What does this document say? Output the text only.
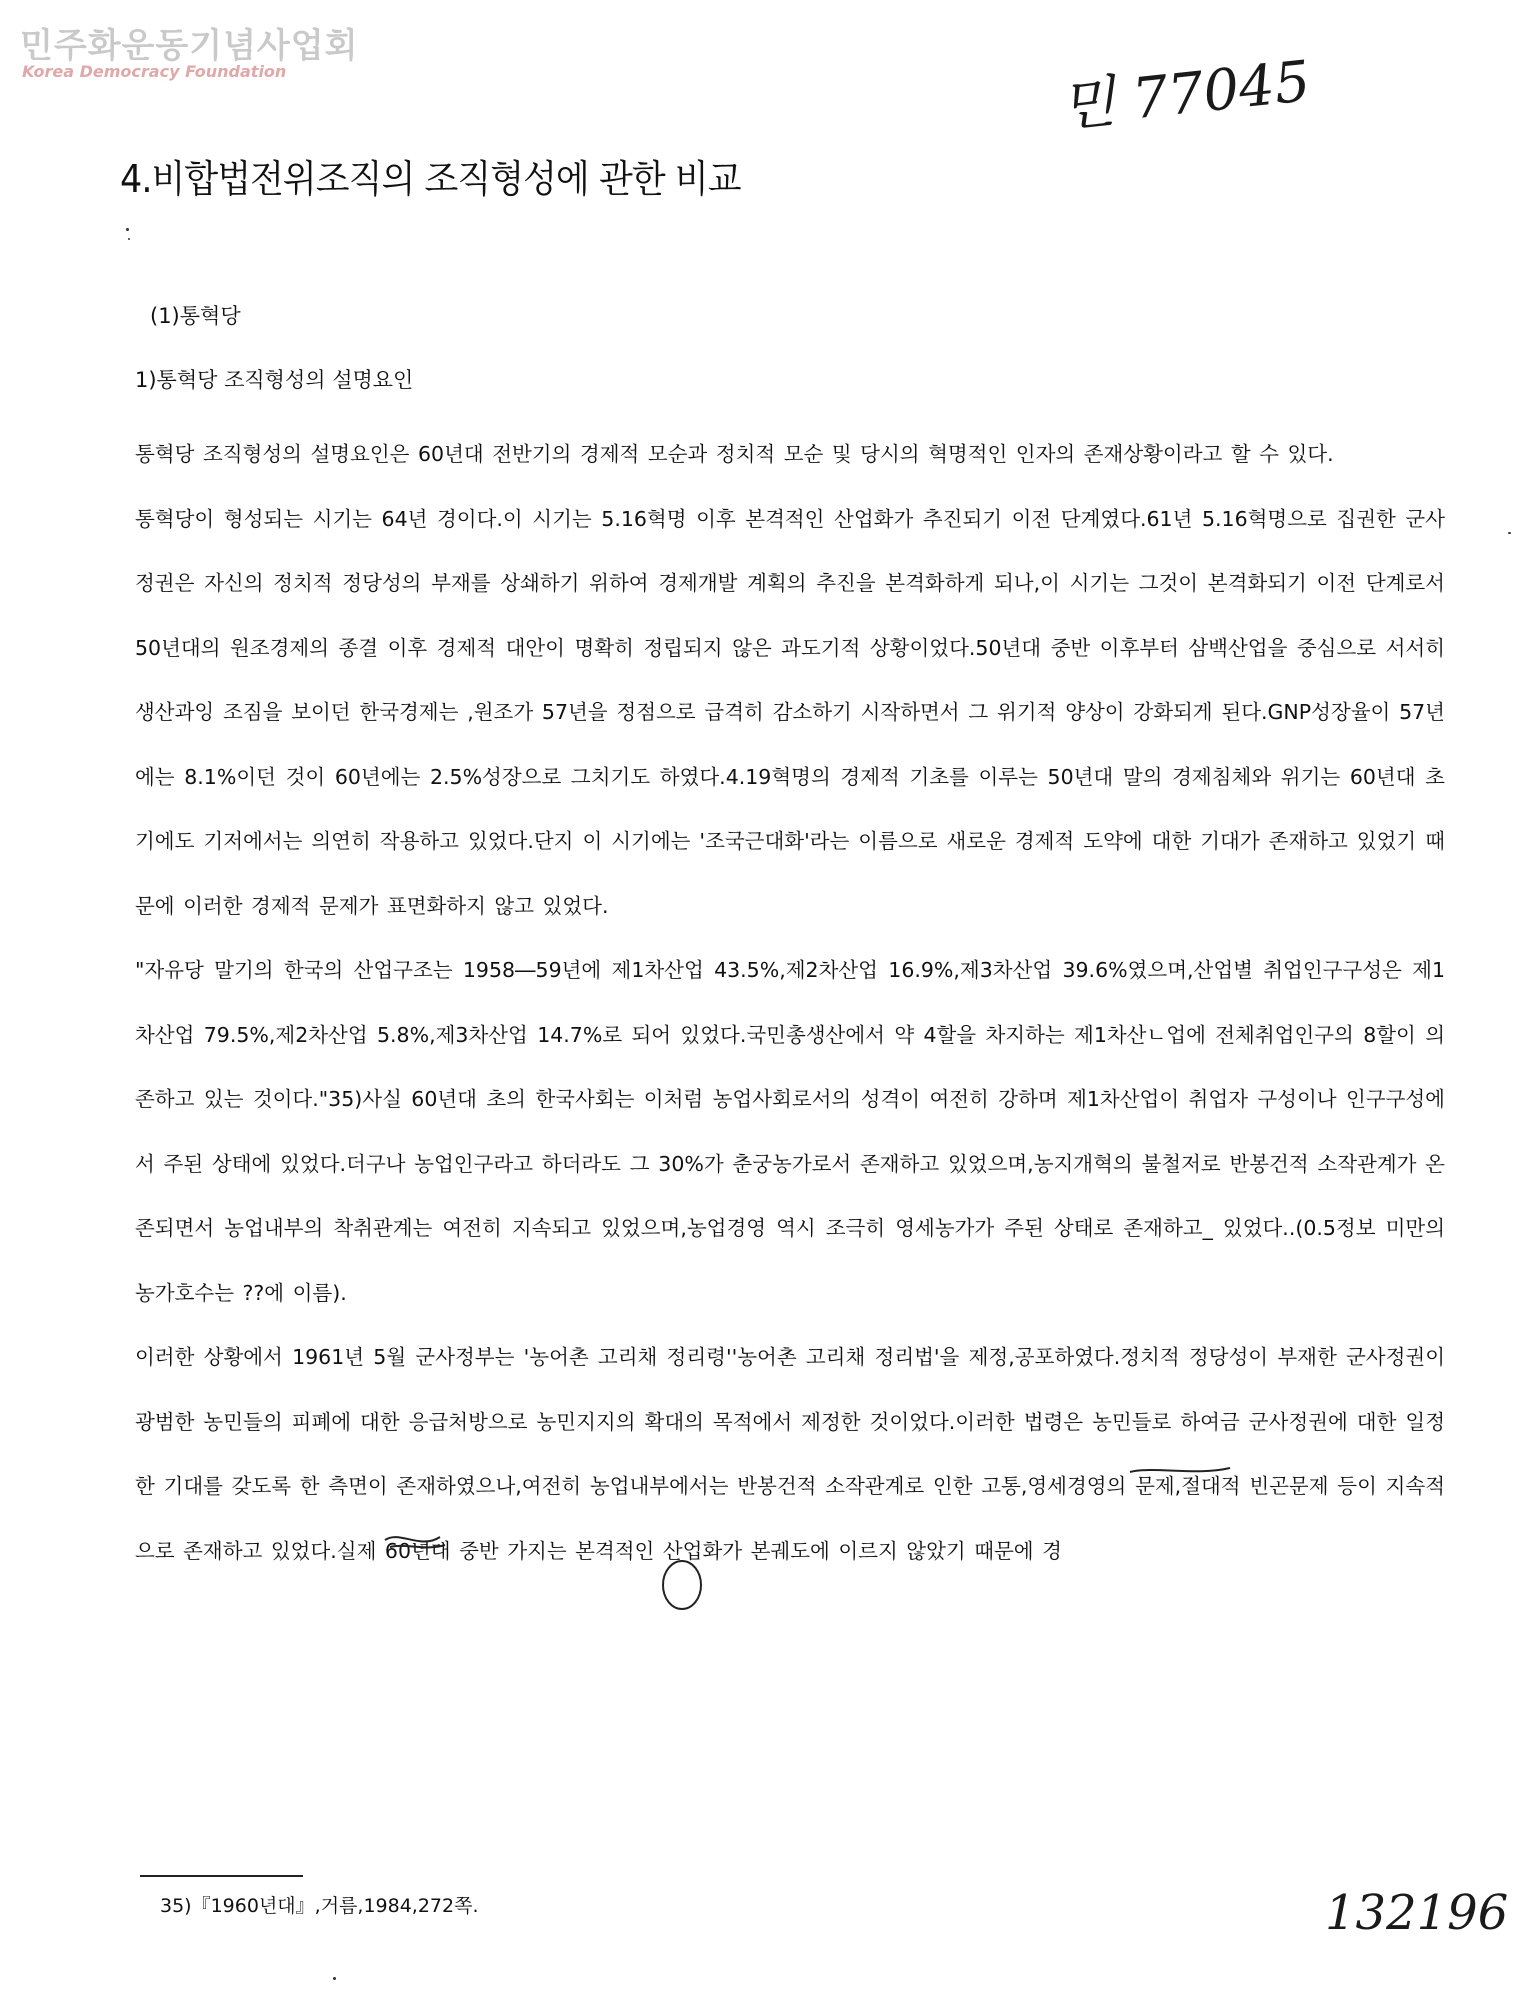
민주화운동기념사업회
Korea Democracy Foundation	민 77045
4.비합법전위조직의 조직형성에 관한 비교
(1)통혁당
1)통혁당 조직형성의 설명요인

통혁당 조직형성의 설명요인은 60년대 전반기의 경제적 모순과 정치적 모순 및 당시의 혁명적인 인자의 존재상황이라고 할 수 있다.

통혁당이 형성되는 시기는 64년 경이다.이 시기는 5.16혁명 이후 본격적인 산업화가 추진되기 이전 단계였다.61년 5.16혁명으로 집권한 군사정권은 자신의 정치적 정당성의 부재를 상쇄하기 위하여 경제개발 계획의 추진을 본격화하게 되나,이 시기는 그것이 본격화되기 이전 단계로서 50년대의 원조경제의 종결 이후 경제적 대안이 명확히 정립되지 않은 과도기적 상황이었다.50년대 중반 이후부터 삼백산업을 중심으로 서서히 생산과잉 조짐을 보이던 한국경제는 ,원조가 57년을 정점으로 급격히 감소하기 시작하면서 그 위기적 양상이 강화되게 된다.GNP성장율이 57년에는 8.1%이던 것이 60년에는 2.5%성장으로 그치기도 하였다.4.19혁명의 경제적 기초를 이루는 50년대 말의 경제침체와 위기는 60년대 초기에도 기저에서는 의연히 작용하고 있었다.단지 이 시기에는 '조국근대화'라는 이름으로 새로운 경제적 도약에 대한 기대가 존재하고 있었기 때문에 이러한 경제적 문제가 표면화하지 않고 있었다.

"자유당 말기의 한국의 산업구조는 1958―59년에 제1차산업 43.5%,제2차산업 16.9%,제3차산업 39.6%였으며,산업별 취업인구구성은 제1차산업 79.5%,제2차산업 5.8%,제3차산업 14.7%로 되어 있었다.국민총생산에서 약 4할을 차지하는 제1차산ㄴ업에 전체취업인구의 8할이 의존하고 있는 것이다."35)사실 60년대 초의 한국사회는 이처럼 농업사회로서의 성격이 여전히 강하며 제1차산업이 취업자 구성이나 인구구성에서 주된 상태에 있었다.더구나 농업인구라고 하더라도 그 30%가 춘궁농가로서 존재하고 있었으며,농지개혁의 불철저로 반봉건적 소작관계가 온존되면서 농업내부의 착취관계는 여전히 지속되고 있었으며,농업경영 역시 조극히 영세농가가 주된 상태로 존재하고_ 있었다..(0.5정보 미만의 농가호수는 ??에 이름).

이러한 상황에서 1961년 5월 군사정부는 '농어촌 고리채 정리령''농어촌 고리채 정리법'을 제정,공포하였다.정치적 정당성이 부재한 군사정권이 광범한 농민들의 피폐에 대한 응급처방으로 농민지지의 확대의 목적에서 제정한 것이었다.이러한 법령은 농민들로 하여금 군사정권에 대한 일정한 기대를 갖도록 한 측면이 존재하였으나,여전히 농업내부에서는 반봉건적 소작관계로 인한 고통,영세경영의 문제,절대적 빈곤문제 등이 지속적으로 존재하고 있었다.실제 60년대 중반 가지는 본격적인 산업화가 본궤도에 이르지 않았기 때문에 경

35)『1960년대』,거름,1984,272쪽.	132196
